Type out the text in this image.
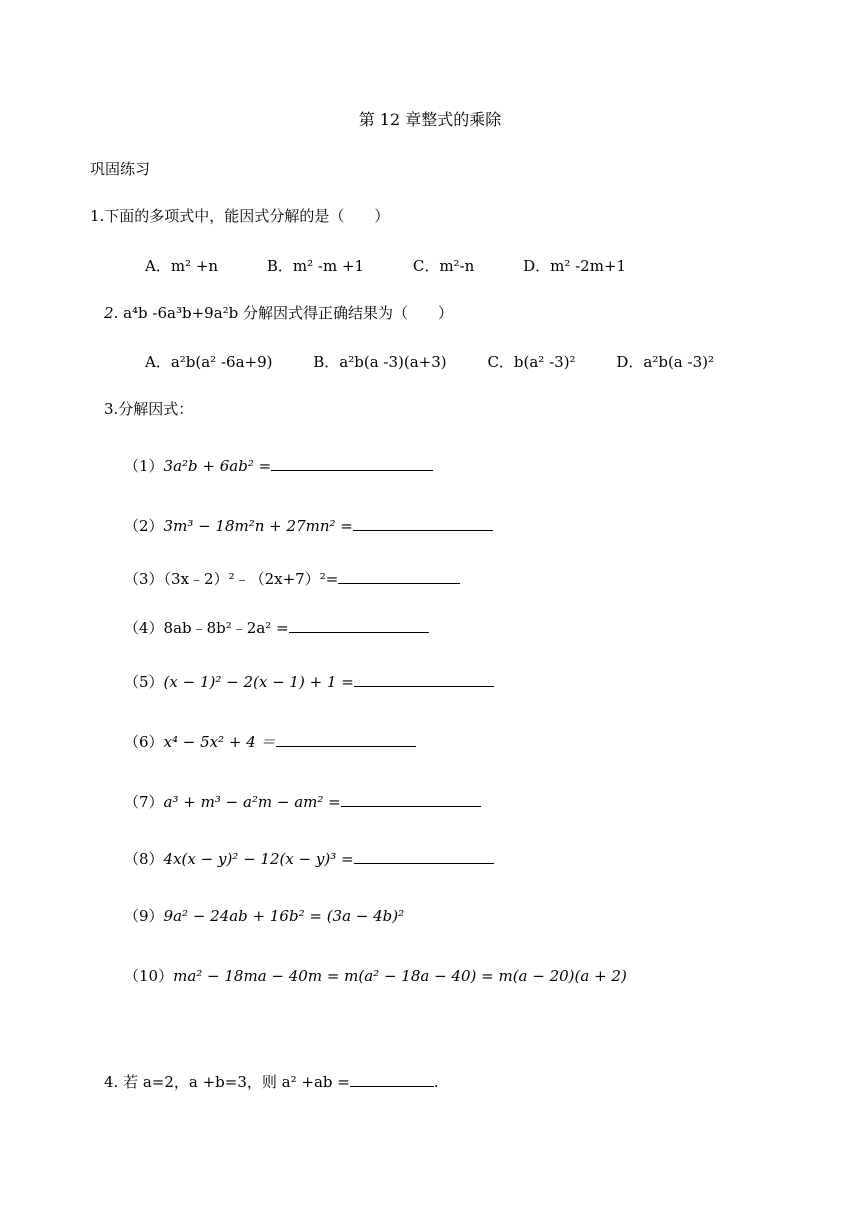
第 12 章整式的乘除
巩固练习
1.下面的多项式中，能因式分解的是（　　）
A．m² +n	B．m² -m +1	C．m²-n	D．m² -2m+1
2. a⁴b -6a³b+9a²b 分解因式得正确结果为（　　）
A．a²b(a² -6a+9)	B．a²b(a -3)(a+3)	C．b(a² -3)²	D．a²b(a -3)²
3.分解因式：
（1）3a²b + 6ab² =
（2）3m³ − 18m²n + 27mn² =
（3）（3x﹣2）²﹣（2x+7）²=
（4）8ab﹣8b²﹣2a² =
（5）(x − 1)² − 2(x − 1) + 1 =
（6）x⁴ − 5x² + 4 ＝
（7）a³ + m³ − a²m − am² =
（8）4x(x − y)² − 12(x − y)³ =
（9）9a² − 24ab + 16b² = (3a − 4b)²
（10）ma² − 18ma − 40m = m(a² − 18a − 40) = m(a − 20)(a + 2)
4. 若 a=2，a +b=3，则 a² +ab =	.
